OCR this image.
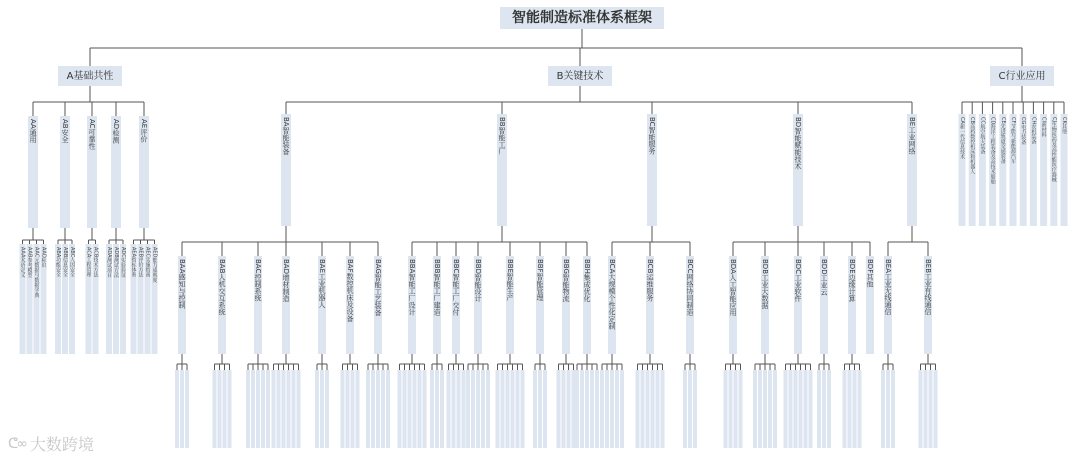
智能制造标准体系框架
A基础共性	B关键技术	C行业应用
AA通用	AB安全	AC可靠性 AD检测	AE评价
AAA术语定义 AAB参考模型 AAC元数据与数据字典 AAD标识 ABA功能安全 ABB信息安全 ABC人因安全 ACA工程管理 ACB技术方法 ADA测试项目 ADB测试方法 ADC实验验证 AEA指标体系 AEB评价方法 AEC实施指南 AED能力成熟度
BA智能装备	BB智能工厂	BC智能服务	BD智能赋能技术	BE工业网络
BAA感知与控制	BAB人机交互系统	BAC控制系统	BAD增材制造	BAE工业机器人	BAF数控机床及设备	BAG智能工艺装备	BBA智能工厂设计 BBB智能工厂建造 BBC智能工厂交付 BBD智能设计	BBE智能生产	BBF智能管理	BBG智能物流 BBH集成优化 BCA大规模个性化定制	BCB运维服务	BCC网络协同制造	BDA人工智能应用	BDB工业大数据	BDC工业软件	BDD工业云	BDE边缘计算 BDF其他 BEA工业无线通信	BEB工业有线通信
CA新一代信息技术 CB高档数控机床和机器人 CC航空航天装备 CD海洋工程装备及高技术船舶 CE先进轨道交通装备 CF节能与新能源汽车 CG电力装备 CH农机装备 CI新材料 CJ生物医药及高性能医疗器械 CK其他
ᕦ∞ 大数跨境
